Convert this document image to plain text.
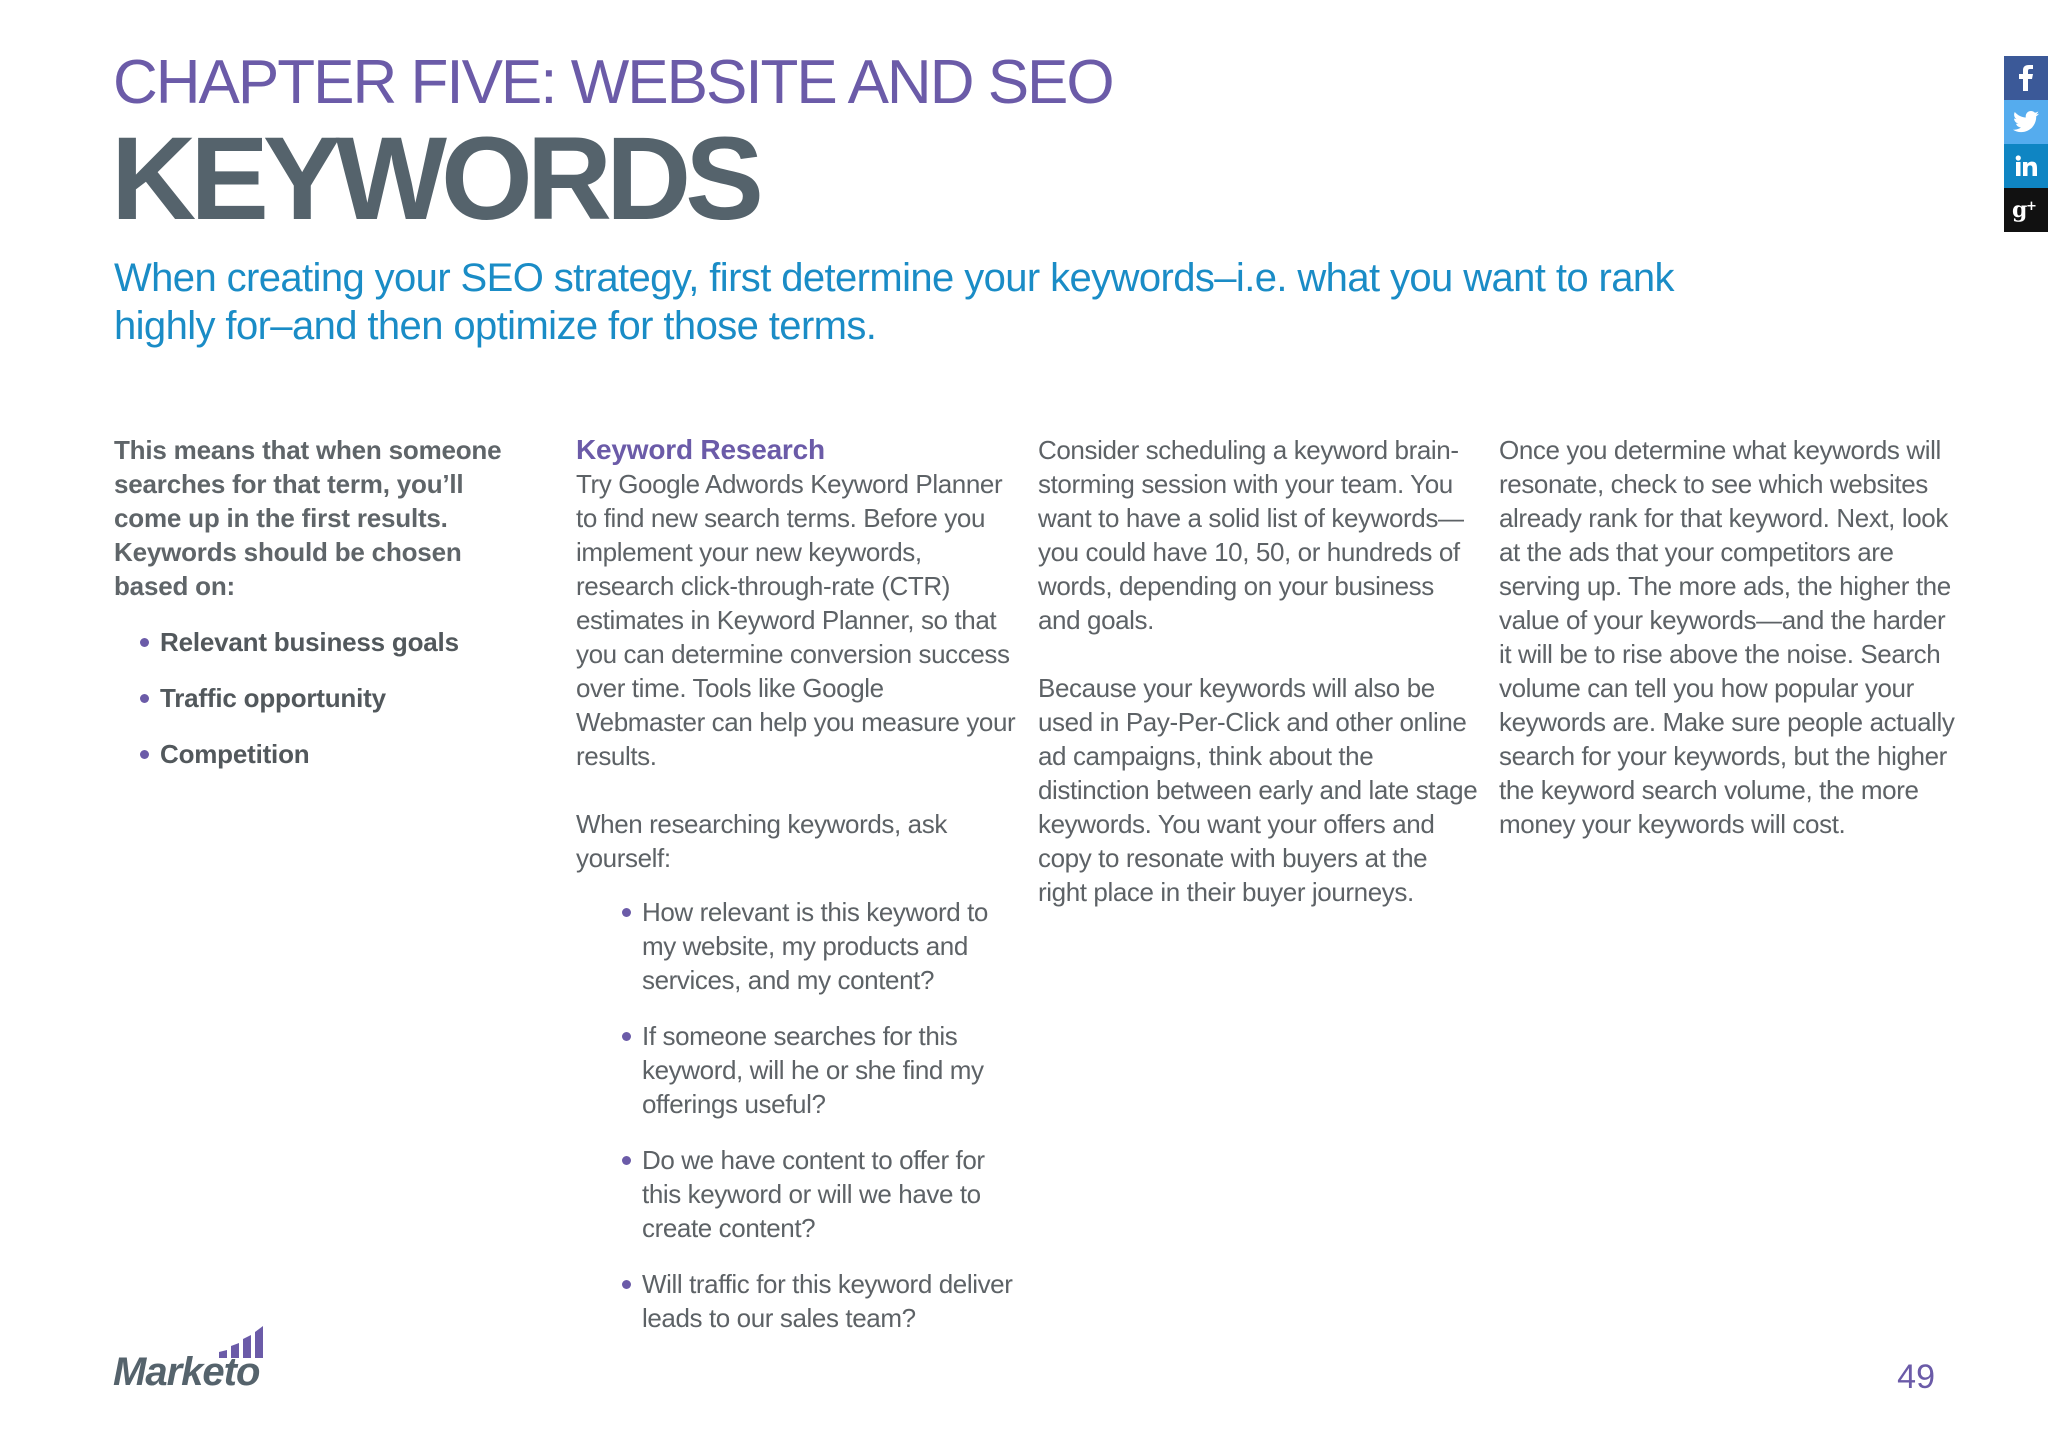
CHAPTER FIVE: WEBSITE AND SEO
KEYWORDS
When creating your SEO strategy, first determine your keywords–i.e. what you want to rank highly for–and then optimize for those terms.

This means that when someone searches for that term, you’ll come up in the first results. Keywords should be chosen based on:

Relevant business goals
Traffic opportunity
Competition

Keyword Research

Try Google Adwords Keyword Planner to find new search terms. Before you implement your new keywords, research click-through-rate (CTR) estimates in Keyword Planner, so that you can determine conversion success over time. Tools like Google Webmaster can help you measure your results.

When researching keywords, ask yourself:

How relevant is this keyword to my website, my products and services, and my content?
If someone searches for this keyword, will he or she find my offerings useful?
Do we have content to offer for this keyword or will we have to create content?
Will traffic for this keyword deliver leads to our sales team?

Consider scheduling a keyword brain-storming session with your team. You want to have a solid list of keywords—you could have 10, 50, or hundreds of words, depending on your business and goals.

Because your keywords will also be used in Pay-Per-Click and other online ad campaigns, think about the distinction between early and late stage keywords. You want your offers and copy to resonate with buyers at the right place in their buyer journeys.

Once you determine what keywords will resonate, check to see which websites already rank for that keyword. Next, look at the ads that your competitors are serving up. The more ads, the higher the value of your keywords—and the harder it will be to rise above the noise. Search volume can tell you how popular your keywords are. Make sure people actually search for your keywords, but the higher the keyword search volume, the more money your keywords will cost.

g
+
Marketo	49
